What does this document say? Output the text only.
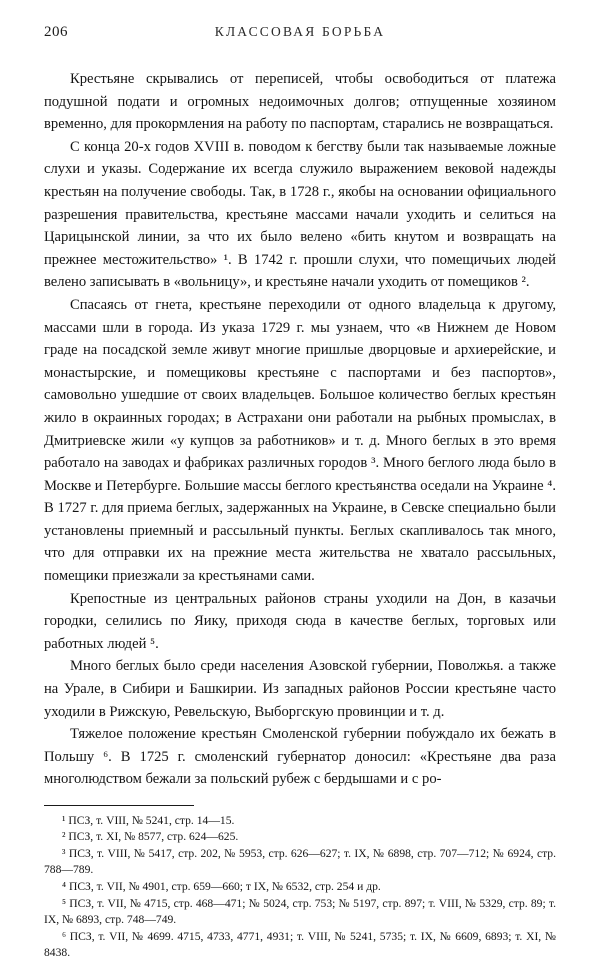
206	КЛАССОВАЯ БОРЬБА

Крестьяне скрывались от переписей, чтобы освободиться от платежа подушной подати и огромных недоимочных долгов; отпущенные хозяином временно, для прокормления на работу по паспортам, старались не возвращаться.

С конца 20-х годов XVIII в. поводом к бегству были так называемые ложные слухи и указы. Содержание их всегда служило выражением вековой надежды крестьян на получение свободы. Так, в 1728 г., якобы на основании официального разрешения правительства, крестьяне массами начали уходить и селиться на Царицынской линии, за что их было велено «бить кнутом и возвращать на прежнее местожительство» ¹. В 1742 г. прошли слухи, что помещичьих людей велено записывать в «вольницу», и крестьяне начали уходить от помещиков ².

Спасаясь от гнета, крестьяне переходили от одного владельца к другому, массами шли в города. Из указа 1729 г. мы узнаем, что «в Нижнем де Новом граде на посадской земле живут многие пришлые дворцовые и архиерейские, и монастырские, и помещиковы крестьяне с паспортами и без паспортов», самовольно ушедшие от своих владельцев. Большое количество беглых крестьян жило в окраинных городах; в Астрахани они работали на рыбных промыслах, в Дмитриевске жили «у купцов за работников» и т. д. Много беглых в это время работало на заводах и фабриках различных городов ³. Много беглого люда было в Москве и Петербурге. Большие массы беглого крестьянства оседали на Украине ⁴. В 1727 г. для приема беглых, задержанных на Украине, в Севске специально были установлены приемный и рассыльный пункты. Беглых скапливалось так много, что для отправки их на прежние места жительства не хватало рассыльных, помещики приезжали за крестьянами сами.

Крепостные из центральных районов страны уходили на Дон, в казачьи городки, селились по Яику, приходя сюда в качестве беглых, торговых или работных людей ⁵.

Много беглых было среди населения Азовской губернии, Поволжья. а также на Урале, в Сибири и Башкирии. Из западных районов России крестьяне часто уходили в Рижскую, Ревельскую, Выборгскую провинции и т. д.

Тяжелое положение крестьян Смоленской губернии побуждало их бежать в Польшу ⁶. В 1725 г. смоленский губернатор доносил: «Крестьяне два раза многолюдством бежали за польский рубеж с бердышами и с ро-

¹ ПСЗ, т. VIII, № 5241, стр. 14—15.

² ПСЗ, т. XI, № 8577, стр. 624—625.

³ ПСЗ, т. VIII, № 5417, стр. 202, № 5953, стр. 626—627; т. IX, № 6898, стр. 707—712; № 6924, стр. 788—789.

⁴ ПСЗ, т. VII, № 4901, стр. 659—660; т IX, № 6532, стр. 254 и др.

⁵ ПСЗ, т. VII, № 4715, стр. 468—471; № 5024, стр. 753; № 5197, стр. 897; т. VIII, № 5329, стр. 89; т. IX, № 6893, стр. 748—749.

⁶ ПСЗ, т. VII, № 4699. 4715, 4733, 4771, 4931; т. VIII, № 5241, 5735; т. IX, № 6609, 6893; т. XI, № 8438.
